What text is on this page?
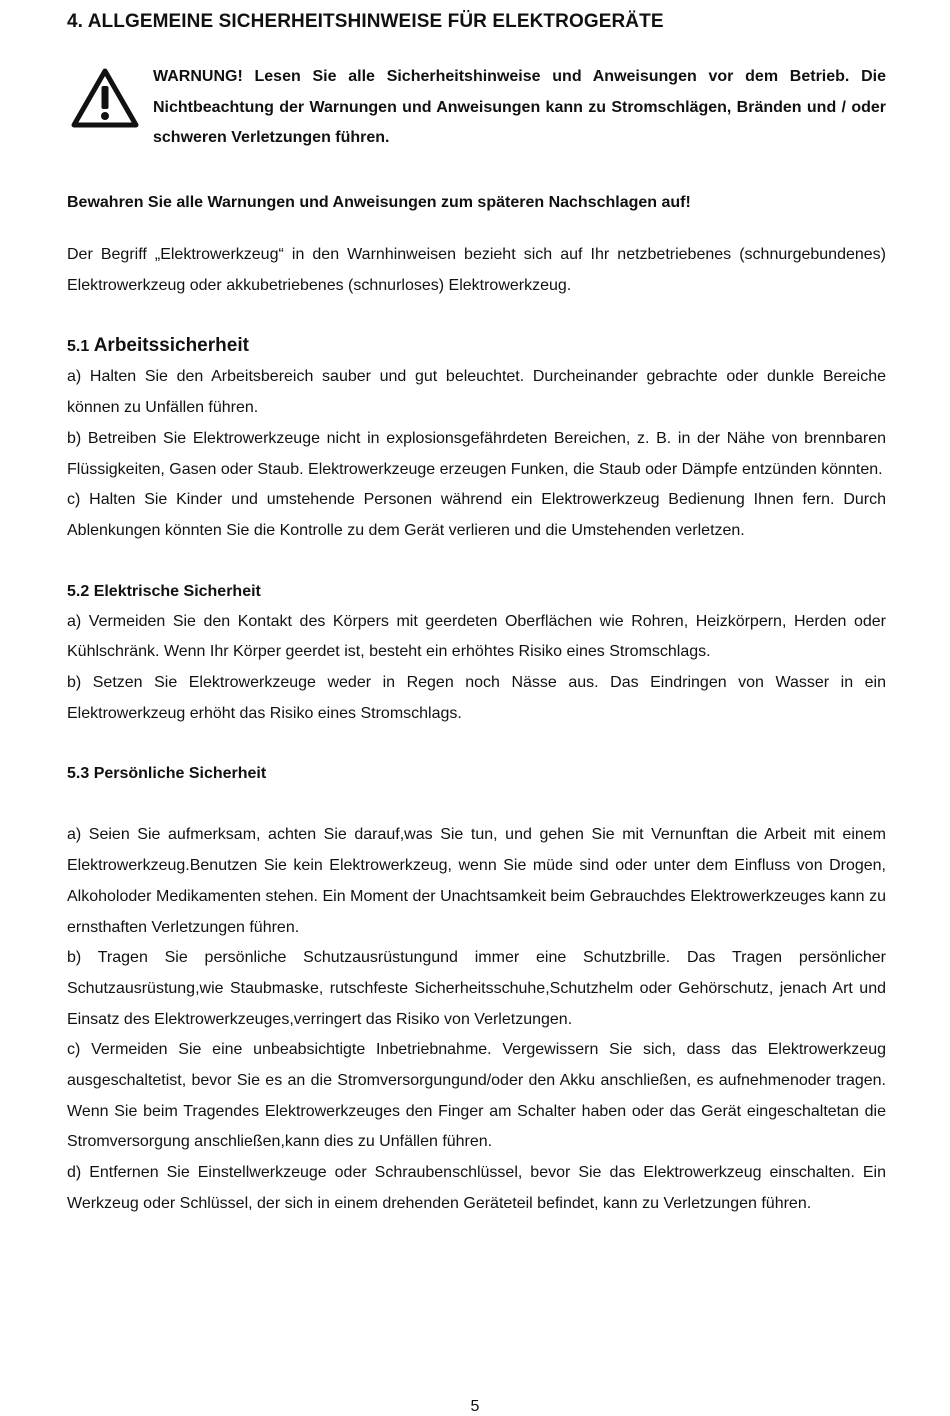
4. ALLGEMEINE SICHERHEITSHINWEISE FÜR ELEKTROGERÄTE
WARNUNG! Lesen Sie alle Sicherheitshinweise und Anweisungen vor dem Betrieb. Die Nichtbeachtung der Warnungen und Anweisungen kann zu Stromschlägen, Bränden und / oder schweren Verletzungen führen.
Bewahren Sie alle Warnungen und Anweisungen zum späteren Nachschlagen auf!

Der Begriff „Elektrowerkzeug“ in den Warnhinweisen bezieht sich auf Ihr netzbetriebenes (schnurgebundenes) Elektrowerkzeug oder akkubetriebenes (schnurloses) Elektrowerkzeug.

5.1 Arbeitssicherheit

a) Halten Sie den Arbeitsbereich sauber und gut beleuchtet. Durcheinander gebrachte oder dunkle Bereiche können zu Unfällen führen.

b) Betreiben Sie Elektrowerkzeuge nicht in explosionsgefährdeten Bereichen, z. B. in der Nähe von brennbaren Flüssigkeiten, Gasen oder Staub. Elektrowerkzeuge erzeugen Funken, die Staub oder Dämpfe entzünden könnten.

c) Halten Sie Kinder und umstehende Personen während ein Elektrowerkzeug Bedienung Ihnen fern. Durch Ablenkungen könnten Sie die Kontrolle zu dem Gerät verlieren und die Umstehenden verletzen.

5.2 Elektrische Sicherheit

a) Vermeiden Sie den Kontakt des Körpers mit geerdeten Oberflächen wie Rohren, Heizkörpern, Herden oder Kühlschränk. Wenn Ihr Körper geerdet ist, besteht ein erhöhtes Risiko eines Stromschlags.

b) Setzen Sie Elektrowerkzeuge weder in Regen noch Nässe aus. Das Eindringen von Wasser in ein Elektrowerkzeug erhöht das Risiko eines Stromschlags.

5.3 Persönliche Sicherheit

a) Seien Sie aufmerksam, achten Sie darauf,was Sie tun, und gehen Sie mit Vernunftan die Arbeit mit einem Elektrowerkzeug.Benutzen Sie kein Elektrowerkzeug, wenn Sie müde sind oder unter dem Einfluss von Drogen, Alkoholoder Medikamenten stehen. Ein Moment der Unachtsamkeit beim Gebrauchdes Elektrowerkzeuges kann zu ernsthaften Verletzungen führen.

b) Tragen Sie persönliche Schutzausrüstungund immer eine Schutzbrille. Das Tragen persönlicher Schutzausrüstung,wie Staubmaske, rutschfeste Sicherheitsschuhe,Schutzhelm oder Gehörschutz, jenach Art und Einsatz des Elektrowerkzeuges,verringert das Risiko von Verletzungen.

c) Vermeiden Sie eine unbeabsichtigte Inbetriebnahme. Vergewissern Sie sich, dass das Elektrowerkzeug ausgeschaltetist, bevor Sie es an die Stromversorgungund/oder den Akku anschließen, es aufnehmenoder tragen. Wenn Sie beim Tragendes Elektrowerkzeuges den Finger am Schalter haben oder das Gerät eingeschaltetan die Stromversorgung anschließen,kann dies zu Unfällen führen.

d) Entfernen Sie Einstellwerkzeuge oder Schraubenschlüssel, bevor Sie das Elektrowerkzeug einschalten. Ein Werkzeug oder Schlüssel, der sich in einem drehenden Geräteteil befindet, kann zu Verletzungen führen.

5
